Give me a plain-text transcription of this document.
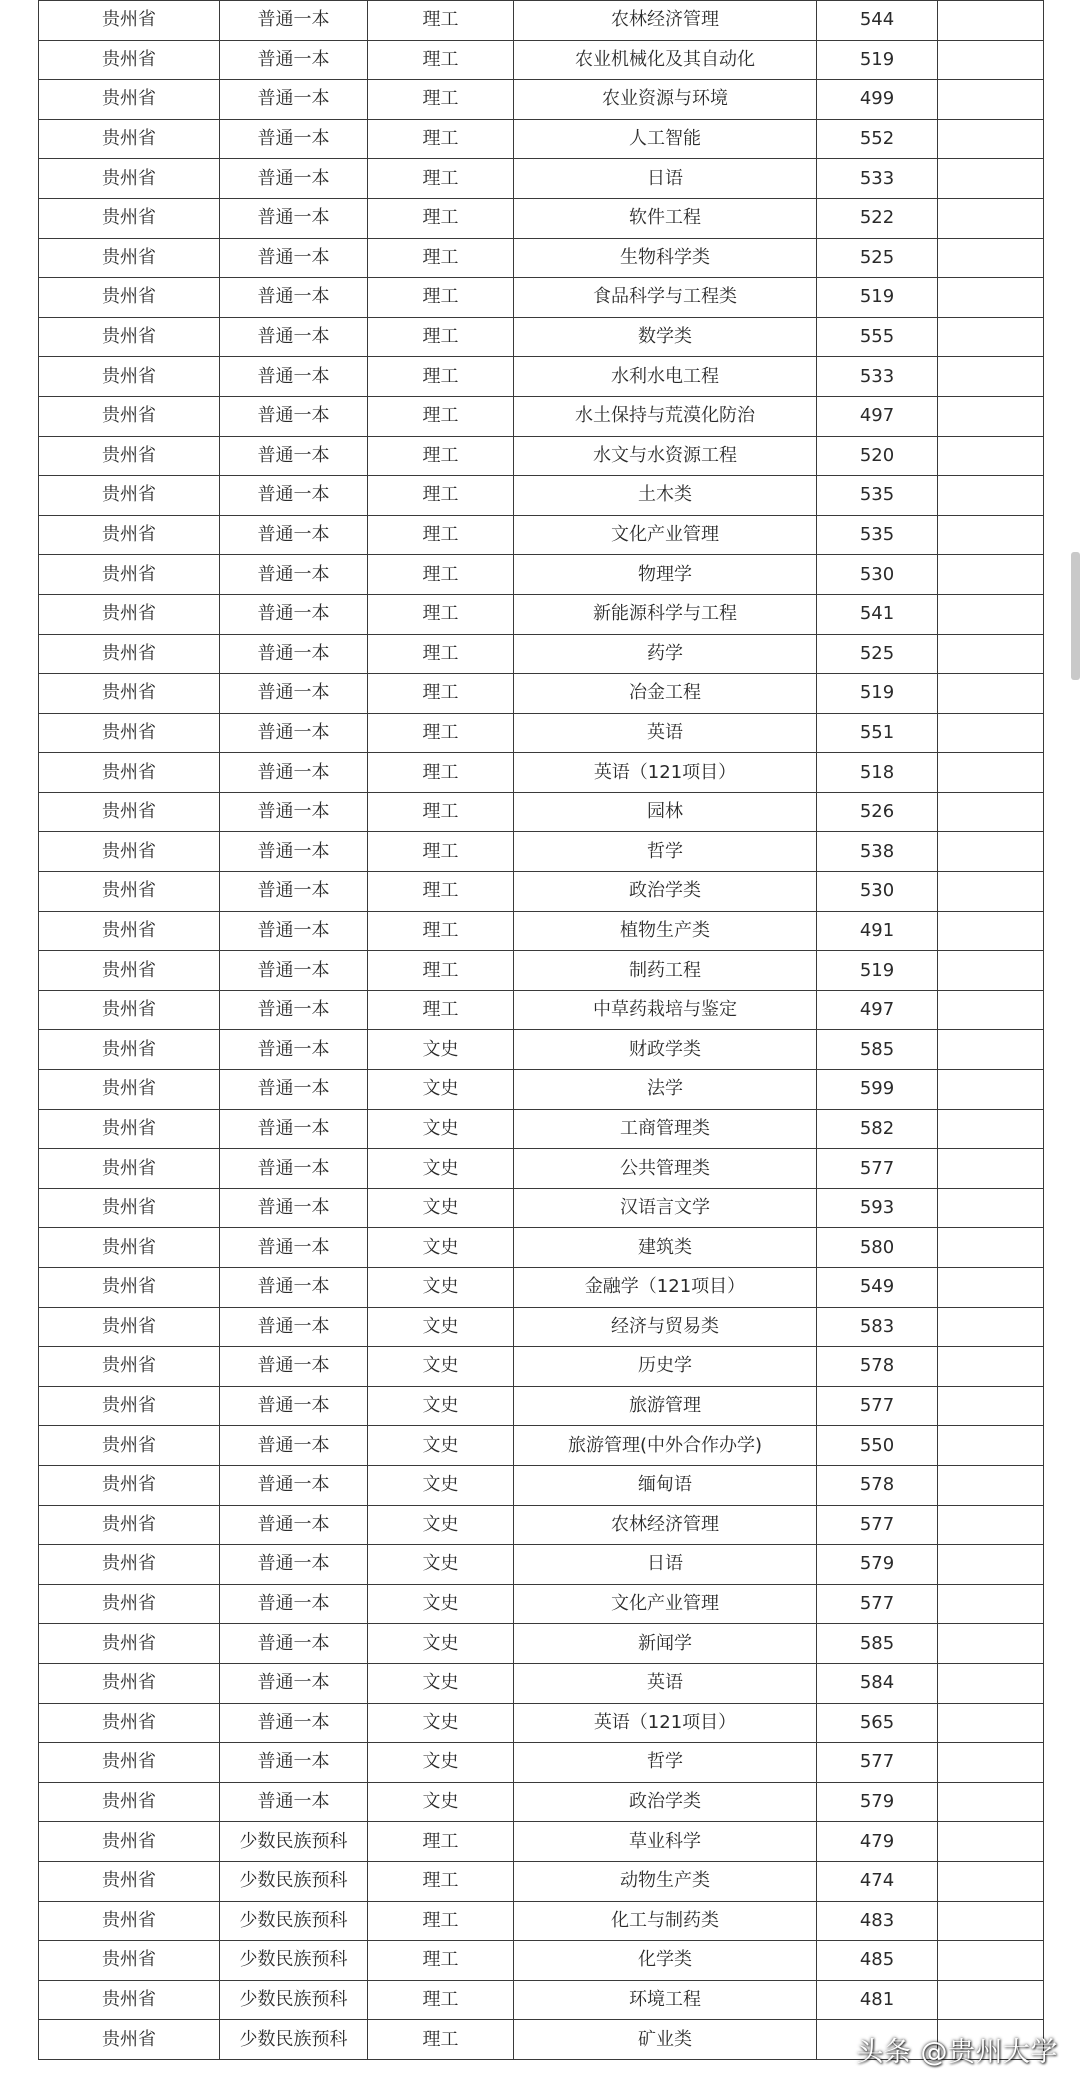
贵州省	普通一本	理工	农林经济管理	544	
贵州省	普通一本	理工	农业机械化及其自动化	519	
贵州省	普通一本	理工	农业资源与环境	499	
贵州省	普通一本	理工	人工智能	552	
贵州省	普通一本	理工	日语	533	
贵州省	普通一本	理工	软件工程	522	
贵州省	普通一本	理工	生物科学类	525	
贵州省	普通一本	理工	食品科学与工程类	519	
贵州省	普通一本	理工	数学类	555	
贵州省	普通一本	理工	水利水电工程	533	
贵州省	普通一本	理工	水土保持与荒漠化防治	497	
贵州省	普通一本	理工	水文与水资源工程	520	
贵州省	普通一本	理工	土木类	535	
贵州省	普通一本	理工	文化产业管理	535	
贵州省	普通一本	理工	物理学	530	
贵州省	普通一本	理工	新能源科学与工程	541	
贵州省	普通一本	理工	药学	525	
贵州省	普通一本	理工	冶金工程	519	
贵州省	普通一本	理工	英语	551	
贵州省	普通一本	理工	英语（121项目）	518	
贵州省	普通一本	理工	园林	526	
贵州省	普通一本	理工	哲学	538	
贵州省	普通一本	理工	政治学类	530	
贵州省	普通一本	理工	植物生产类	491	
贵州省	普通一本	理工	制药工程	519	
贵州省	普通一本	理工	中草药栽培与鉴定	497	
贵州省	普通一本	文史	财政学类	585	
贵州省	普通一本	文史	法学	599	
贵州省	普通一本	文史	工商管理类	582	
贵州省	普通一本	文史	公共管理类	577	
贵州省	普通一本	文史	汉语言文学	593	
贵州省	普通一本	文史	建筑类	580	
贵州省	普通一本	文史	金融学（121项目）	549	
贵州省	普通一本	文史	经济与贸易类	583	
贵州省	普通一本	文史	历史学	578	
贵州省	普通一本	文史	旅游管理	577	
贵州省	普通一本	文史	旅游管理(中外合作办学)	550	
贵州省	普通一本	文史	缅甸语	578	
贵州省	普通一本	文史	农林经济管理	577	
贵州省	普通一本	文史	日语	579	
贵州省	普通一本	文史	文化产业管理	577	
贵州省	普通一本	文史	新闻学	585	
贵州省	普通一本	文史	英语	584	
贵州省	普通一本	文史	英语（121项目）	565	
贵州省	普通一本	文史	哲学	577	
贵州省	普通一本	文史	政治学类	579	
贵州省	少数民族预科	理工	草业科学	479	
贵州省	少数民族预科	理工	动物生产类	474	
贵州省	少数民族预科	理工	化工与制药类	483	
贵州省	少数民族预科	理工	化学类	485	
贵州省	少数民族预科	理工	环境工程	481	
贵州省	少数民族预科	理工	矿业类			头条 @贵州大学
